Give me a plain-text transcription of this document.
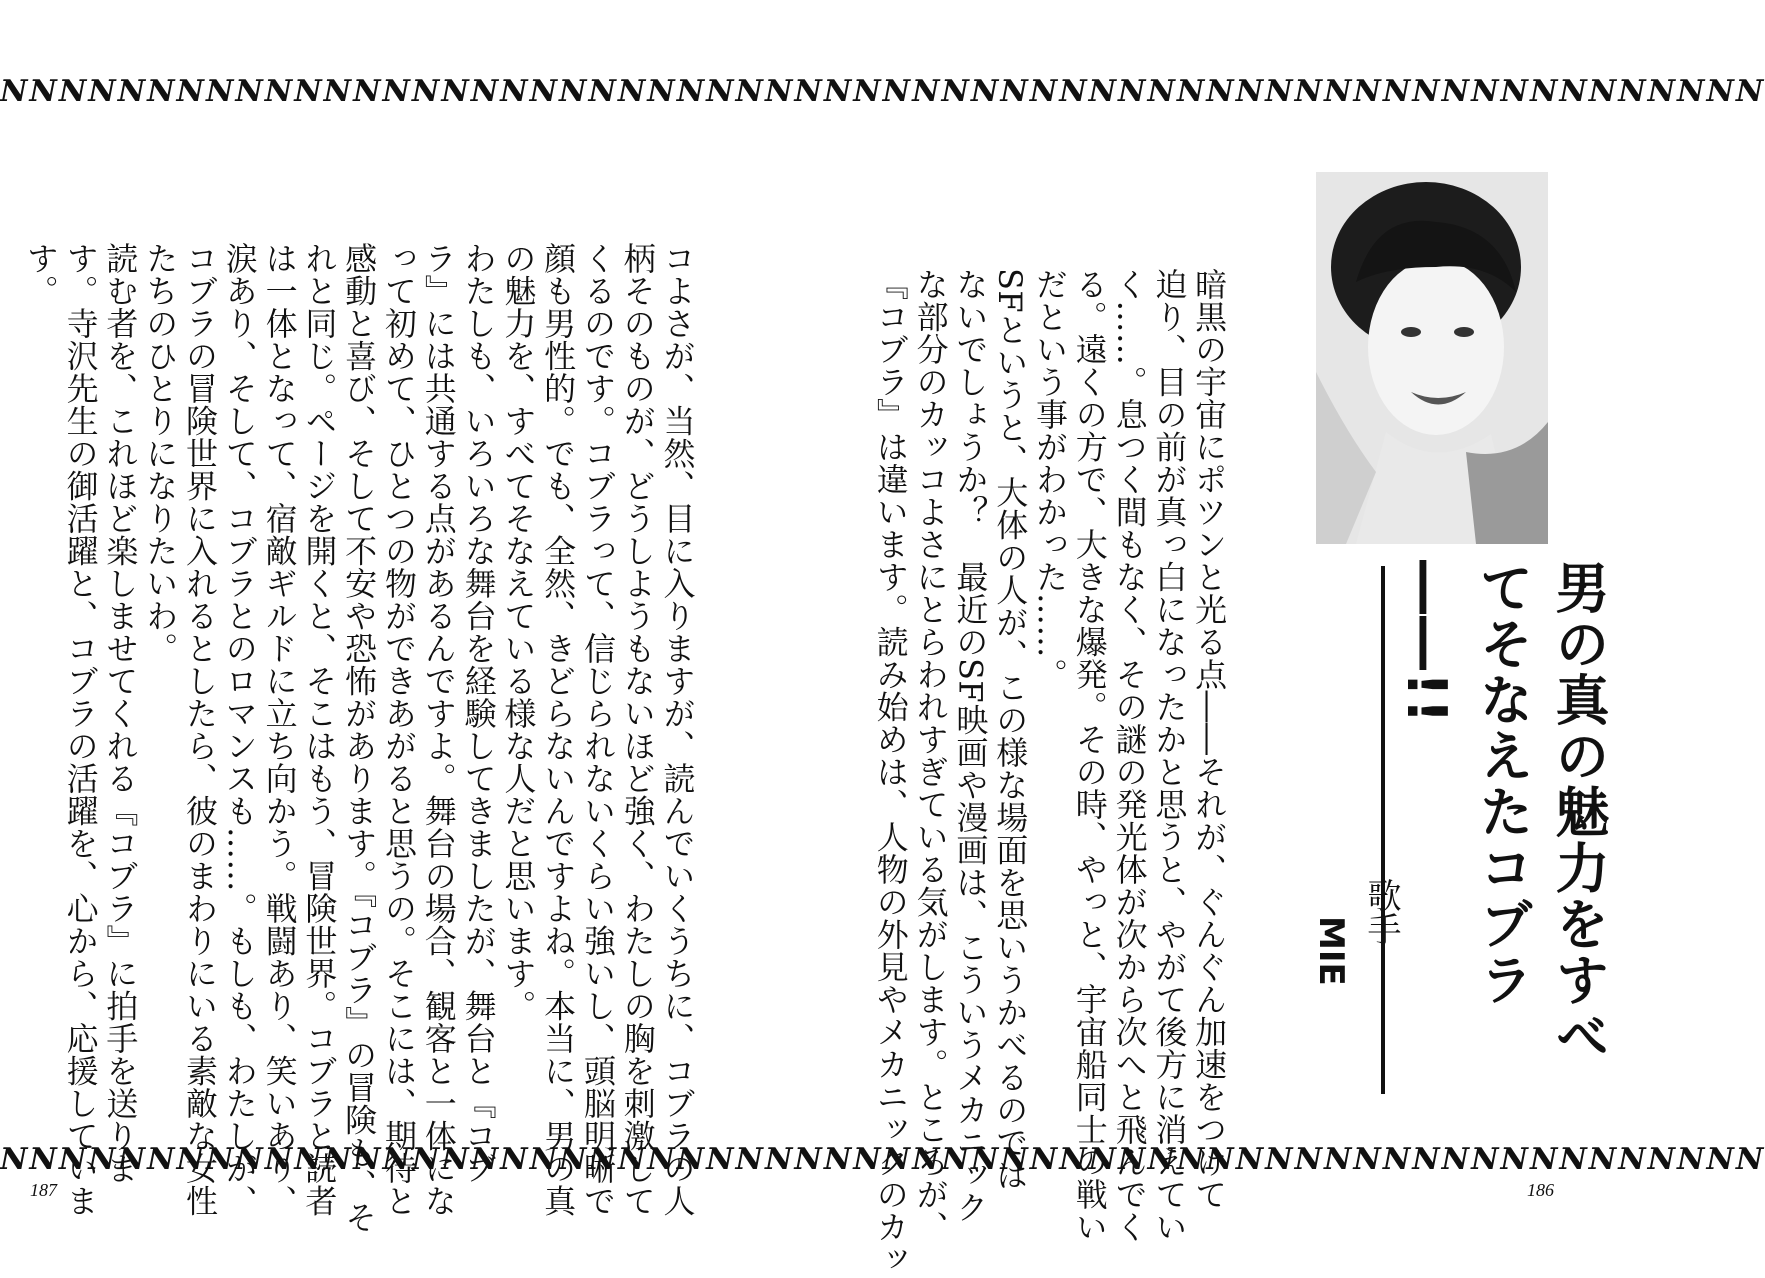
NNNNNNNNNNNNNNNNNNNNNNNNNNNNNNNNNNNNNNNNNNNNNNNNNNNNNNNNNNNN
男の真の魅力をすべてそなえたコブラ――!!
歌手
MIE
暗黒の宇宙にポツンと光る点――それが、ぐんぐん加速をつけて
迫り、目の前が真っ白になったかと思うと、やがて後方に消えてい
く……。息つく間もなく、その謎の発光体が次から次へと飛んでく
る。遠くの方で、大きな爆発。その時、やっと、宇宙船同士の戦い
だという事がわかった……。
SFというと、大体の人が、この様な場面を思いうかべるのでは
ないでしょうか？　最近のSF映画や漫画は、こういうメカニック
な部分のカッコよさにとらわれすぎている気がします。ところが、
『コブラ』は違います。読み始めは、人物の外見やメカニックのカッ
コよさが、当然、目に入りますが、読んでいくうちに、コブラの人
柄そのものが、どうしようもないほど強く、わたしの胸を刺激して
くるのです。コブラって、信じられないくらい強いし、頭脳明晰で
顔も男性的。でも、全然、きどらないんですよね。本当に、男の真
の魅力を、すべてそなえている様な人だと思います。
わたしも、いろいろな舞台を経験してきましたが、舞台と『コブ
ラ』には共通する点があるんですよ。舞台の場合、観客と一体にな
って初めて、ひとつの物ができあがると思うの。そこには、期待と
感動と喜び、そして不安や恐怖があります。『コブラ』の冒険も、そ
れと同じ。ページを開くと、そこはもう、冒険世界。コブラと読者
は一体となって、宿敵ギルドに立ち向かう。戦闘あり、笑いあり、
涙あり、そして、コブラとのロマンスも……。もしも、わたしが、
コブラの冒険世界に入れるとしたら、彼のまわりにいる素敵な女性
たちのひとりになりたいわ。
読む者を、これほど楽しませてくれる『コブラ』に拍手を送りま
す。寺沢先生の御活躍と、コブラの活躍を、心から、応援していま
す。
NNNNNNNNNNNNNNNNNNNNNNNNNNNNNNNNNNNNNNNNNNNNNNNNNNNNNNNNNNNN
187	186
